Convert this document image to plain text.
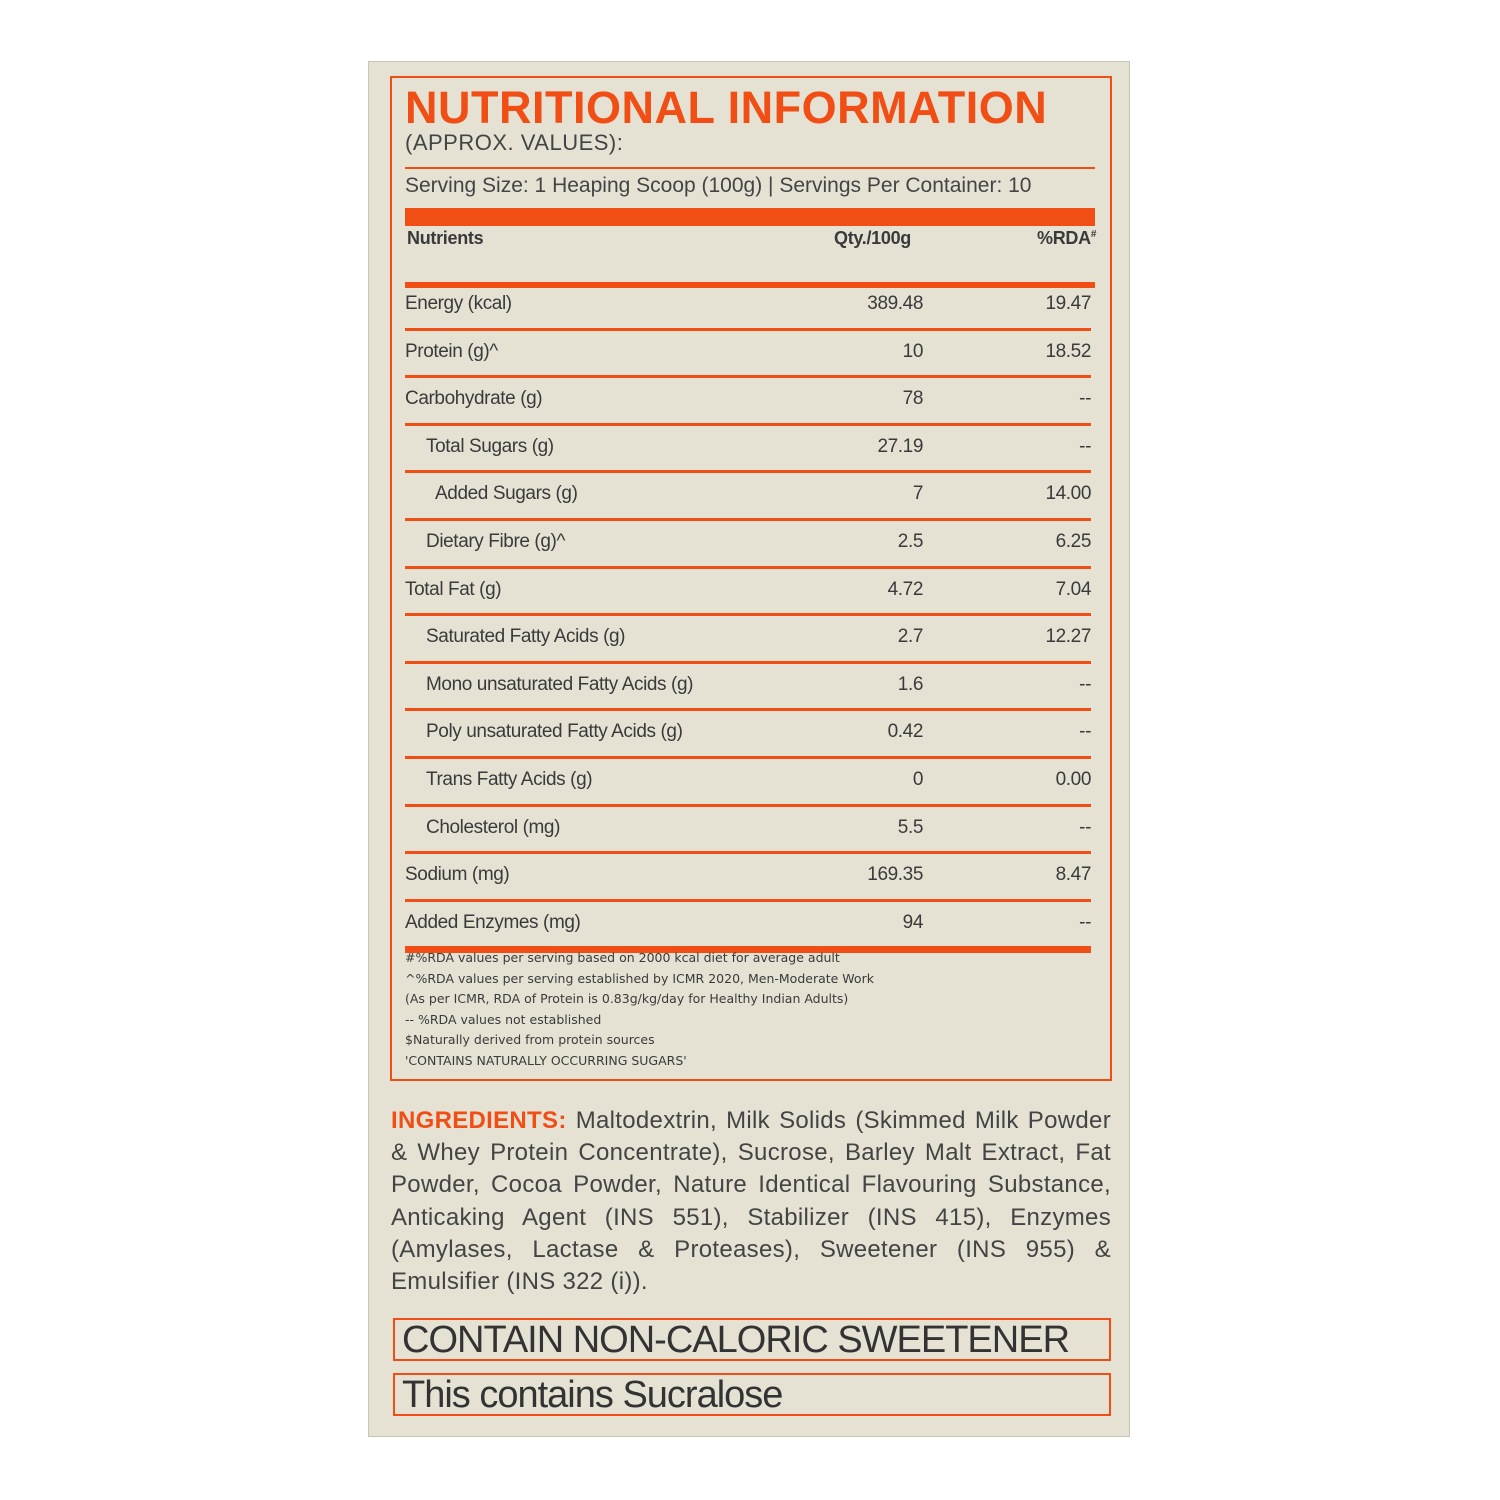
NUTRITIONAL INFORMATION
(APPROX. VALUES):
Serving Size: 1 Heaping Scoop (100g) | Servings Per Container: 10
Nutrients	Qty./100g	%RDA#
Energy (kcal)	389.48	19.47
Protein (g)^	10	18.52
Carbohydrate (g)	78	--
Total Sugars (g)	27.19	--
Added Sugars (g)	7	14.00
Dietary Fibre (g)^	2.5	6.25
Total Fat (g)	4.72	7.04
Saturated Fatty Acids (g)	2.7	12.27
Mono unsaturated Fatty Acids (g)	1.6	--
Poly unsaturated Fatty Acids (g)	0.42	--
Trans Fatty Acids (g)	0	0.00
Cholesterol (mg)	5.5	--
Sodium (mg)	169.35	8.47
Added Enzymes (mg)	94	--
#%RDA values per serving based on 2000 kcal diet for average adult
^%RDA values per serving established by ICMR 2020, Men-Moderate Work
(As per ICMR, RDA of Protein is 0.83g/kg/day for Healthy Indian Adults)
-- %RDA values not established
$Naturally derived from protein sources
'CONTAINS NATURALLY OCCURRING SUGARS'
INGREDIENTS: Maltodextrin, Milk Solids (Skimmed Milk Powder & Whey Protein Concentrate), Sucrose, Barley Malt Extract, Fat Powder, Cocoa Powder, Nature Identical Flavouring Substance, Anticaking Agent (INS 551), Stabilizer (INS 415), Enzymes (Amylases, Lactase & Proteases), Sweetener (INS 955) & Emulsifier (INS 322 (i)).
CONTAIN NON-CALORIC SWEETENER
This contains Sucralose
